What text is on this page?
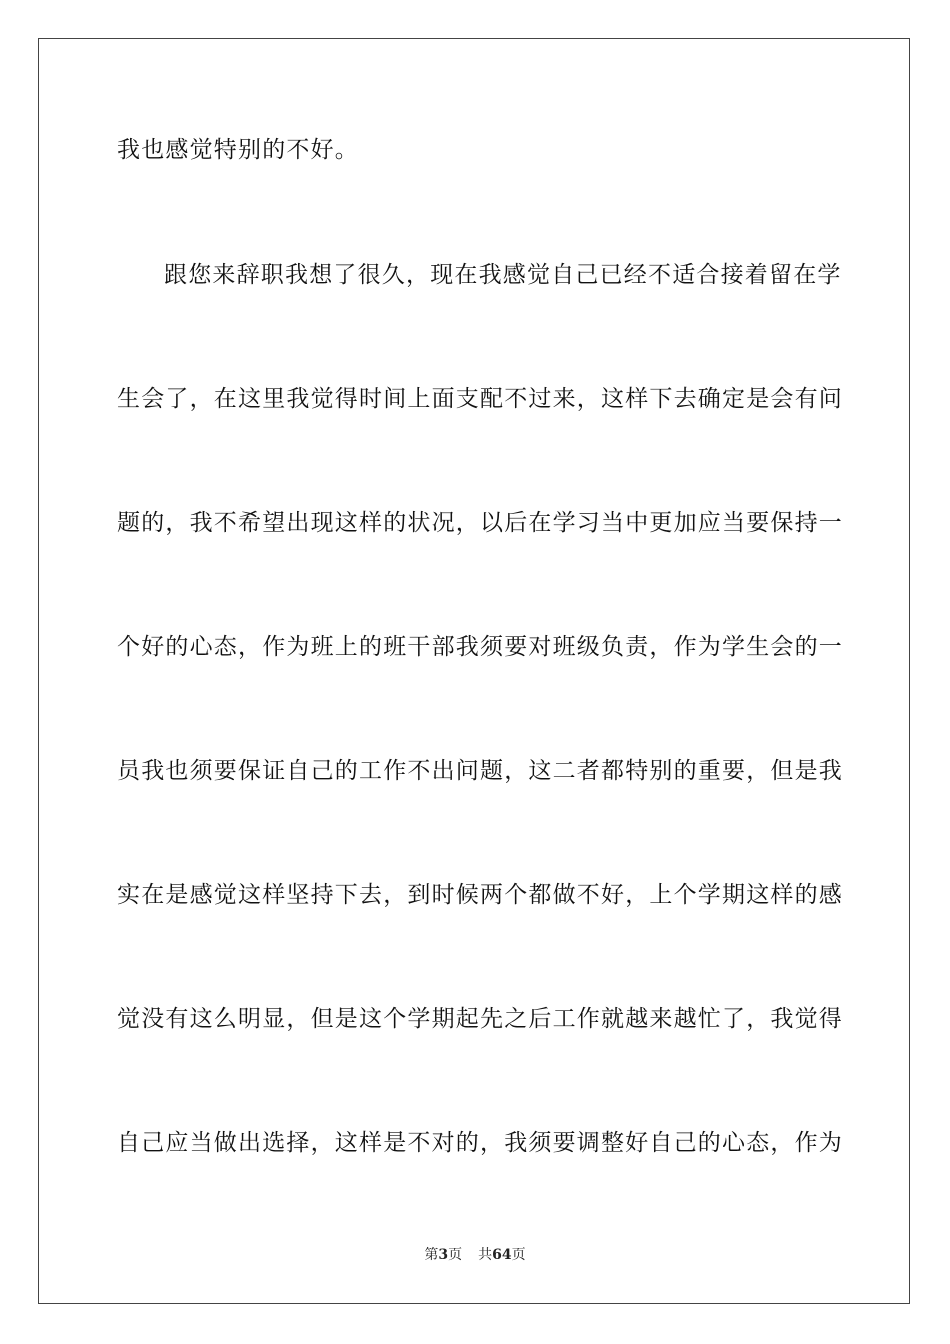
我也感觉特别的不好。
跟您来辞职我想了很久，现在我感觉自己已经不适合接着留在学
生会了，在这里我觉得时间上面支配不过来，这样下去确定是会有问
题的，我不希望出现这样的状况，以后在学习当中更加应当要保持一
个好的心态，作为班上的班干部我须要对班级负责，作为学生会的一
员我也须要保证自己的工作不出问题，这二者都特别的重要，但是我
实在是感觉这样坚持下去，到时候两个都做不好，上个学期这样的感
觉没有这么明显，但是这个学期起先之后工作就越来越忙了，我觉得
自己应当做出选择，这样是不对的，我须要调整好自己的心态，作为
第3页 共64页
